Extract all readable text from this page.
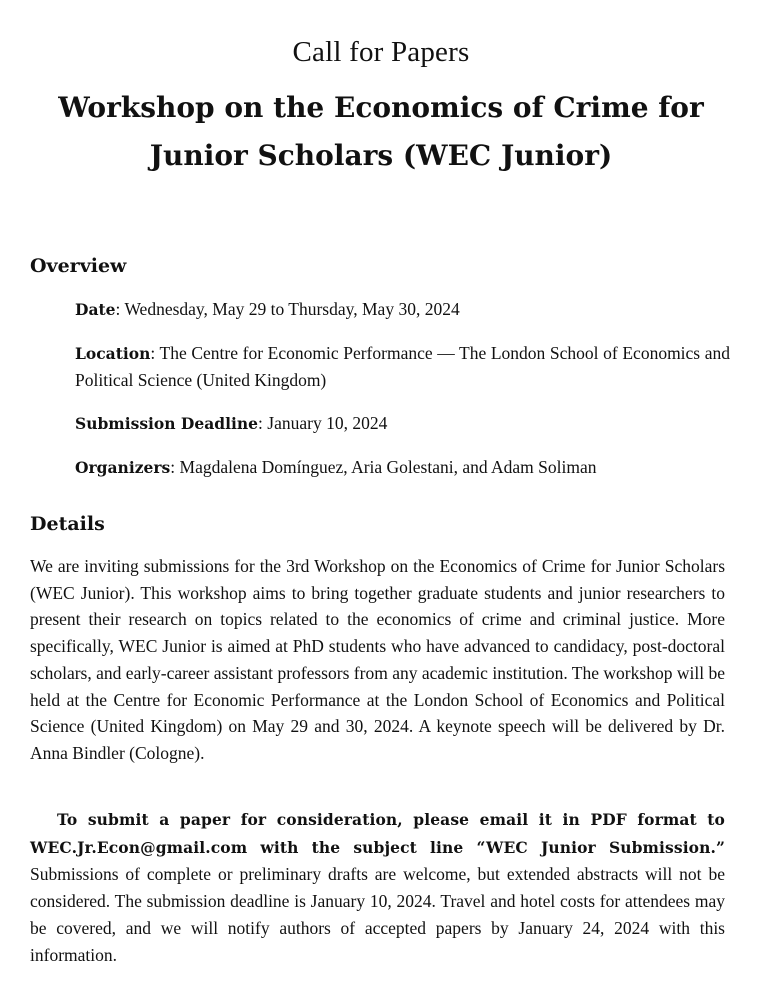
Call for Papers
Workshop on the Economics of Crime for Junior Scholars (WEC Junior)
Overview

Date: Wednesday, May 29 to Thursday, May 30, 2024

Location: The Centre for Economic Performance — The London School of Economics and Political Science (United Kingdom)

Submission Deadline: January 10, 2024

Organizers: Magdalena Domínguez, Aria Golestani, and Adam Soliman

Details

We are inviting submissions for the 3rd Workshop on the Economics of Crime for Junior Scholars (WEC Junior). This workshop aims to bring together graduate students and junior researchers to present their research on topics related to the economics of crime and criminal justice. More specifically, WEC Junior is aimed at PhD students who have advanced to candidacy, post-doctoral scholars, and early-career assistant professors from any academic institution. The workshop will be held at the Centre for Economic Performance at the London School of Economics and Political Science (United Kingdom) on May 29 and 30, 2024. A keynote speech will be delivered by Dr. Anna Bindler (Cologne).

To submit a paper for consideration, please email it in PDF format to WEC.Jr.Econ@gmail.com with the subject line “WEC Junior Submission.” Submissions of complete or preliminary drafts are welcome, but extended abstracts will not be considered. The submission deadline is January 10, 2024. Travel and hotel costs for attendees may be covered, and we will notify authors of accepted papers by January 24, 2024 with this information.
